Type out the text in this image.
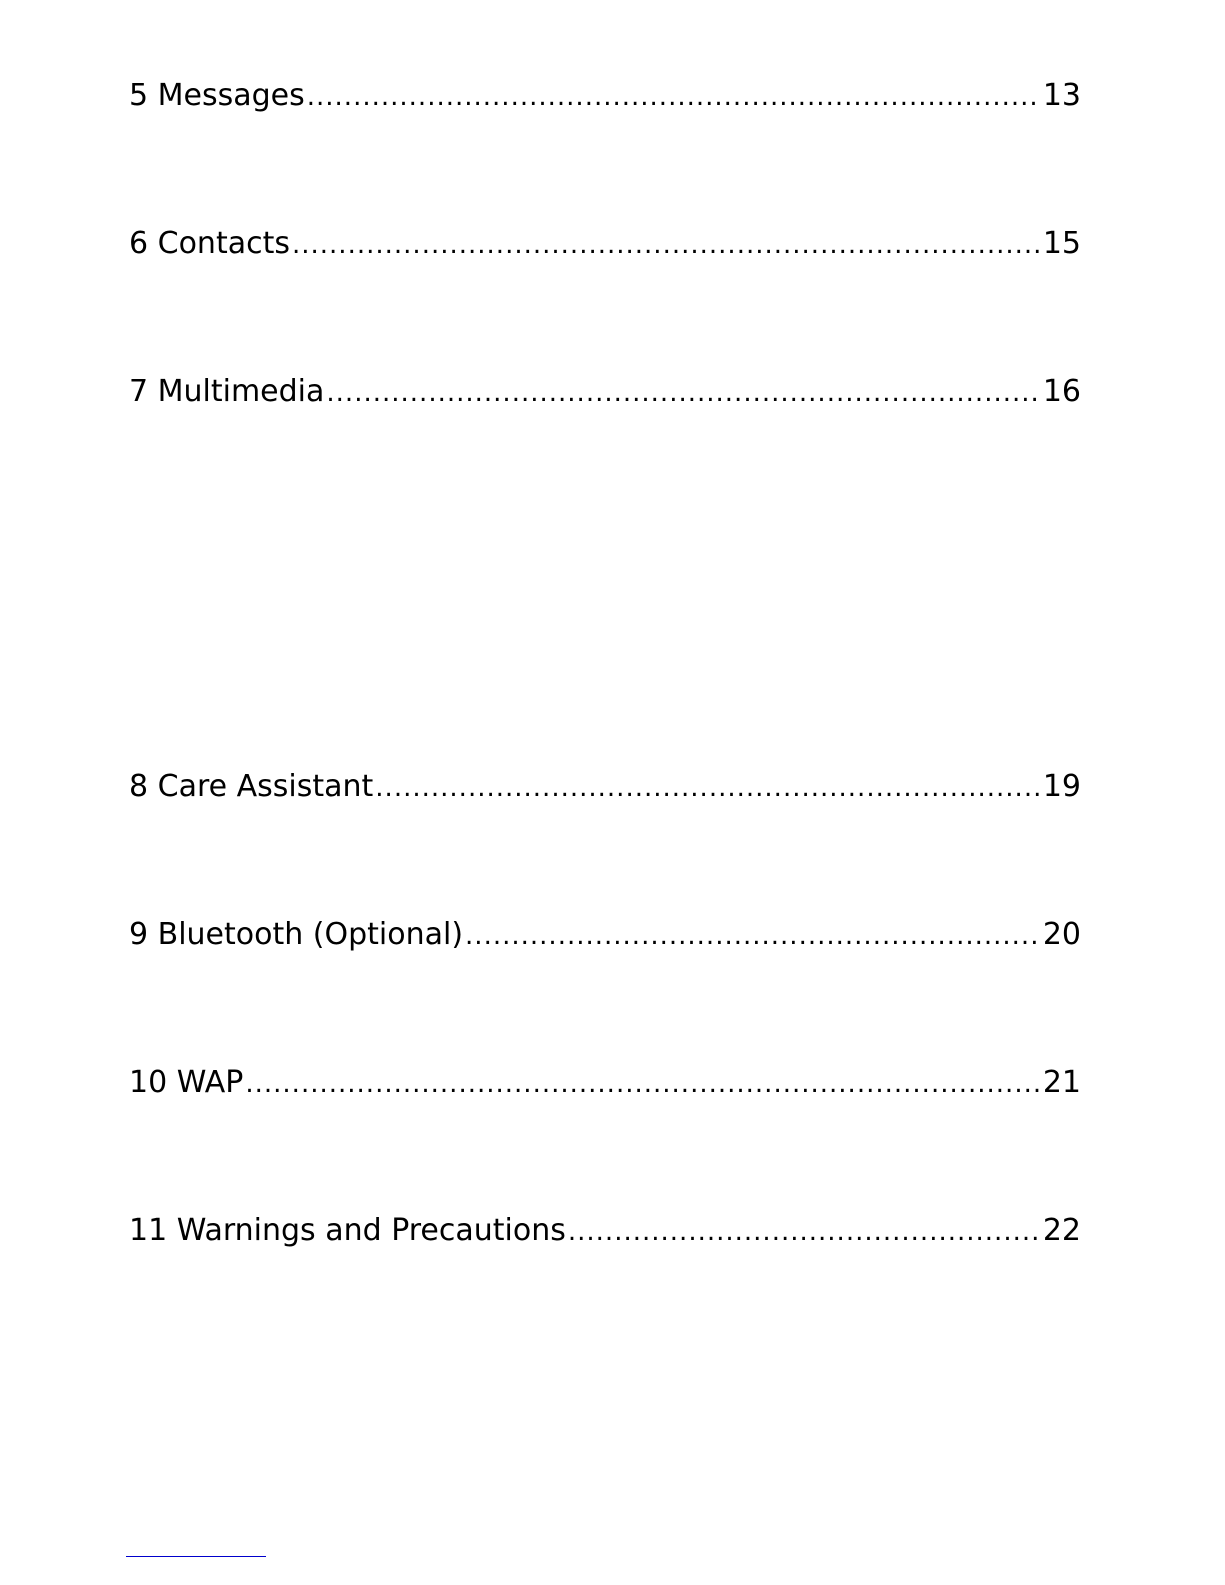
5 Messages .....	13
6 Contacts .....	15
7 Multimedia .....	16
8 Care Assistant .....	19
9 Bluetooth (Optional) .....	20
10 WAP .....	21
11 Warnings and Precautions .....	22
